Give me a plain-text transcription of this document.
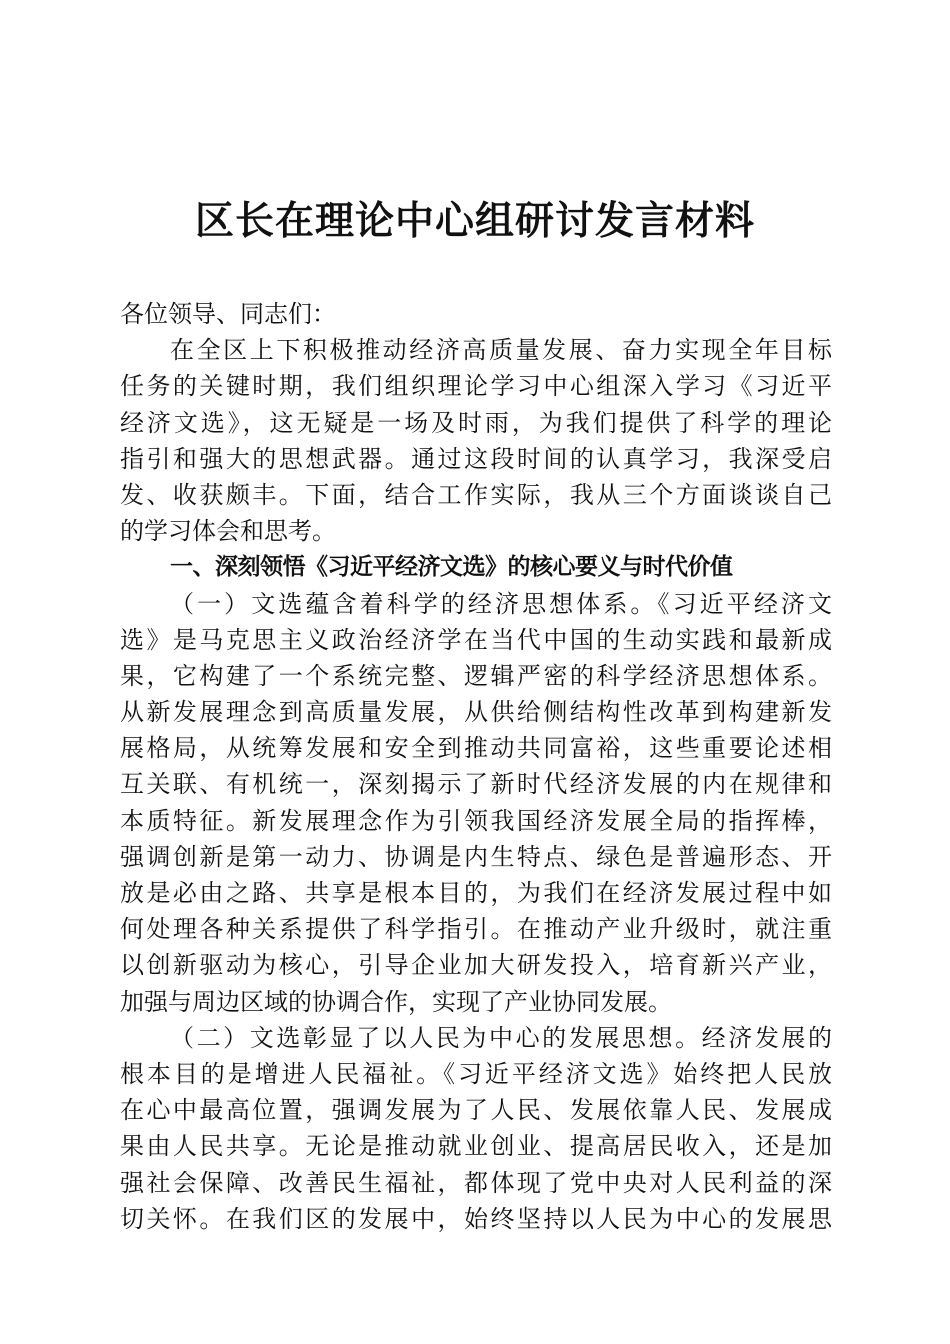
区长在理论中心组研讨发言材料
各位领导、同志们：
在全区上下积极推动经济高质量发展、奋力实现全年目标
任务的关键时期，我们组织理论学习中心组深入学习《习近平
经济文选》，这无疑是一场及时雨，为我们提供了科学的理论
指引和强大的思想武器。通过这段时间的认真学习，我深受启
发、收获颇丰。下面，结合工作实际，我从三个方面谈谈自己
的学习体会和思考。
一、深刻领悟《习近平经济文选》的核心要义与时代价值
（一）文选蕴含着科学的经济思想体系。《习近平经济文
选》是马克思主义政治经济学在当代中国的生动实践和最新成
果，它构建了一个系统完整、逻辑严密的科学经济思想体系。
从新发展理念到高质量发展，从供给侧结构性改革到构建新发
展格局，从统筹发展和安全到推动共同富裕，这些重要论述相
互关联、有机统一，深刻揭示了新时代经济发展的内在规律和
本质特征。新发展理念作为引领我国经济发展全局的指挥棒，
强调创新是第一动力、协调是内生特点、绿色是普遍形态、开
放是必由之路、共享是根本目的，为我们在经济发展过程中如
何处理各种关系提供了科学指引。在推动产业升级时，就注重
以创新驱动为核心，引导企业加大研发投入，培育新兴产业，
加强与周边区域的协调合作，实现了产业协同发展。
（二）文选彰显了以人民为中心的发展思想。经济发展的
根本目的是增进人民福祉。《习近平经济文选》始终把人民放
在心中最高位置，强调发展为了人民、发展依靠人民、发展成
果由人民共享。无论是推动就业创业、提高居民收入，还是加
强社会保障、改善民生福祉，都体现了党中央对人民利益的深
切关怀。在我们区的发展中，始终坚持以人民为中心的发展思
